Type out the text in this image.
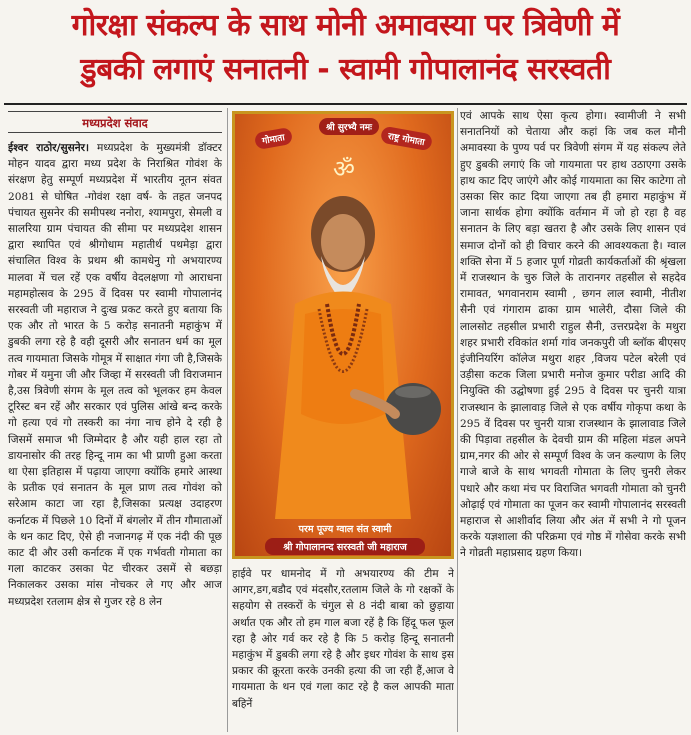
गोरक्षा संकल्प के साथ मोनी अमावस्या पर त्रिवेणी में
डुबकी लगाएं सनातनी - स्वामी गोपालानंद सरस्वती
मध्यप्रदेश संवाद

ईश्वर राठोर/सुसनेर। मध्यप्रदेश के मुख्यमंत्री डॉक्टर मोहन यादव द्वारा मध्य प्रदेश के निराश्रित गोवंश के संरक्षण हेतु सम्पूर्ण मध्यप्रदेश में भारतीय नूतन संवत 2081 से घोषित -गोवंश रक्षा वर्ष- के तहत जनपद पंचायत सुसनेर की समीपस्थ ननोरा, श्यामपुरा, सेमली व सालरिया ग्राम पंचायत की सीमा पर मध्यप्रदेश शासन द्वारा स्थापित एवं श्रीगोधाम महातीर्थ पथमेड़ा द्वारा संचालित विश्व के प्रथम श्री कामधेनु गो अभयारण्य मालवा में चल रहें एक वर्षीय वेदलक्षणा गो आराधना महामहोत्सव के 295 वें दिवस पर स्वामी गोपालानंद सरस्वती जी महाराज ने दुःख प्रकट करते हुए बताया कि एक और तो भारत के 5 करोड़ सनातनी महाकुंभ में डुबकी लगा रहे है वही दूसरी और सनातन धर्म का मूल तत्व गायमाता जिसके गोमूत्र में साक्षात गंगा जी है,जिसके गोबर में यमुना जी और जिव्हा में सरस्वती जी विराजमान है,उस त्रिवेणी संगम के मूल तत्व को भूलकर हम केवल टूरिस्ट बन रहें और सरकार एवं पुलिस आंखे बन्द करके गो हत्या एवं गो तस्करी का नंगा नाच होने दे रही है जिसमें समाज भी जिम्मेदार है और यही हाल रहा तो डायनासोर की तरह हिन्दू नाम का भी प्राणी हुआ करता था ऐसा इतिहास में पढ़ाया जाएगा क्योंकि हमारे आस्था के प्रतीक एवं सनातन के मूल प्राण तत्व गोवंश को सरेआम काटा जा रहा है,जिसका प्रत्यक्ष उदाहरण कर्नाटक में पिछले 10 दिनों में बंगलोर में तीन गौमाताओं के थन काट दिए, ऐसे ही नजानगढ़ में एक नंदी की पूछ काट दी और उसी कर्नाटक में एक गर्भवती गोमाता का गला काटकर उसका पेट चीरकर उसमें से बछड़ा निकालकर उसका मांस नोचकर ले गए और आज मध्यप्रदेश रतलाम क्षेत्र से गुजर रहे 8 लेन

श्री सुरभ्यै नमः
गोमाता	राष्ट्र गोमाता
ॐ
परम पूज्य ग्वाल संत स्वामी
श्री गोपालानन्द सरस्वती जी महाराज

हाईवे पर धामनोद में गो अभयारण्य की टीम ने आगर,डग,बडौद एवं मंदसौर,रतलाम जिले के गो रक्षकों के सहयोग से तस्करों के चंगुल से 8 नंदी बाबा को छुड़ाया अर्थात एक और तो हम गाल बजा रहें है कि हिंदू फल फूल रहा है ओर गर्व कर रहे है कि 5 करोड़ हिन्दू सनातनी महाकुंभ में डुबकी लगा रहे है और इधर गोवंश के साथ इस प्रकार की क्रूरता करके उनकी हत्या की जा रही हैं,आज वे गायमाता के थन एवं गला काट रहे है कल आपकी माता बहिनें

एवं आपके साथ ऐसा कृत्य होगा। स्वामीजी ने सभी सनातनियों को चेताया और कहां कि जब कल मौनी अमावस्या के पुण्य पर्व पर त्रिवेणी संगम में यह संकल्प लेते हुए डुबकी लगाएं कि जो गायमाता पर हाथ उठाएगा उसके हाथ काट दिए जाएंगे और कोई गायमाता का सिर काटेगा तो उसका सिर काट दिया जाएगा तब ही हमारा महाकुंभ में जाना सार्थक होगा क्योंकि वर्तमान में जो हो रहा है वह सनातन के लिए बड़ा खतरा है और उसके लिए शासन एवं समाज दोनों को ही विचार करने की आवश्यकता है। ग्वाल शक्ति सेना में 5 हजार पूर्ण गोव्रती कार्यकर्ताओं की श्रृंखला में राजस्थान के चुरु जिले के तारानगर तहसील से सहदेव रामावत, भगवानराम स्वामी , छगन लाल स्वामी, नीतीश सैनी एवं गंगाराम ढाका ग्राम भालेरी, दौसा जिले की लालसोट तहसील प्रभारी राहुल सैनी, उत्तरप्रदेश के मथुरा शहर प्रभारी रविकांत शर्मा गांव जनकपुरी जी ब्लॉक बीएसए इंजीनियरिंग कॉलेज मथुरा शहर ,विजय पटेल बरेली एवं उड़ीसा कटक जिला प्रभारी मनोज कुमार परीडा आदि की नियुक्ति की उद्घोषणा हुई 295 वे दिवस पर चुनरी यात्रा राजस्थान के झालावाड़ जिले से एक वर्षीय गोकृपा कथा के 295 वें दिवस पर चुनरी यात्रा राजस्थान के झालावाड जिले की पिड़ावा तहसील के देवची ग्राम की महिला मंडल अपने ग्राम,नगर की ओर से सम्पूर्ण विश्व के जन कल्याण के लिए गाजे बाजे के साथ भगवती गोमाता के लिए चुनरी लेकर पधारे और कथा मंच पर विराजित भगवती गोमाता को चुनरी ओढ़ाई एवं गोमाता का पूजन कर स्वामी गोपालानंद सरस्वती महाराज से आशीर्वाद लिया और अंत में सभी ने गो पूजन करके यज्ञशाला की परिक्रमा एवं गोष्ठ में गोसेवा करके सभी ने गोव्रती महाप्रसाद ग्रहण किया।
